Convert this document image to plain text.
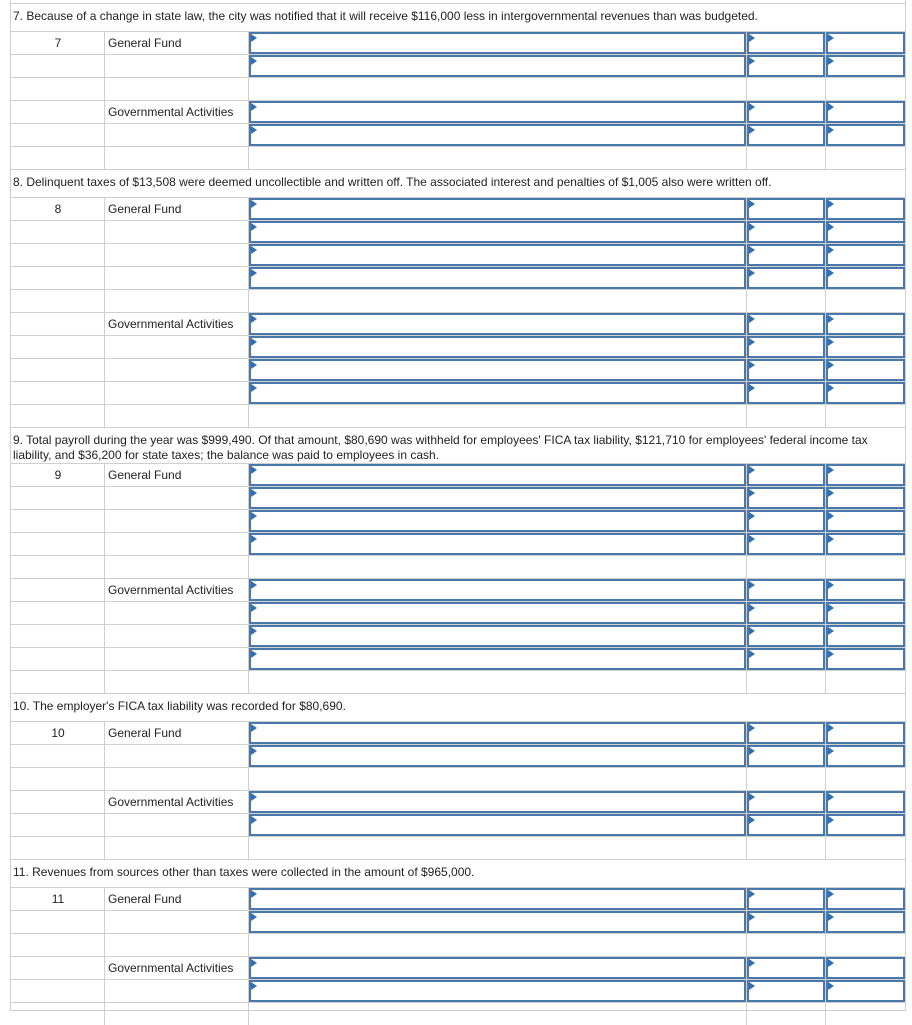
7. Because of a change in state law, the city was notified that it will receive $116,000 less in intergovernmental revenues than was budgeted.
7	General Fund
Governmental Activities
8. Delinquent taxes of $13,508 were deemed uncollectible and written off. The associated interest and penalties of $1,005 also were written off.
8	General Fund
Governmental Activities
9. Total payroll during the year was $999,490. Of that amount, $80,690 was withheld for employees' FICA tax liability, $121,710 for employees' federal income tax liability, and $36,200 for state taxes; the balance was paid to employees in cash.
9	General Fund
Governmental Activities
10. The employer's FICA tax liability was recorded for $80,690.
10	General Fund
Governmental Activities
11. Revenues from sources other than taxes were collected in the amount of $965,000.
11	General Fund
Governmental Activities
